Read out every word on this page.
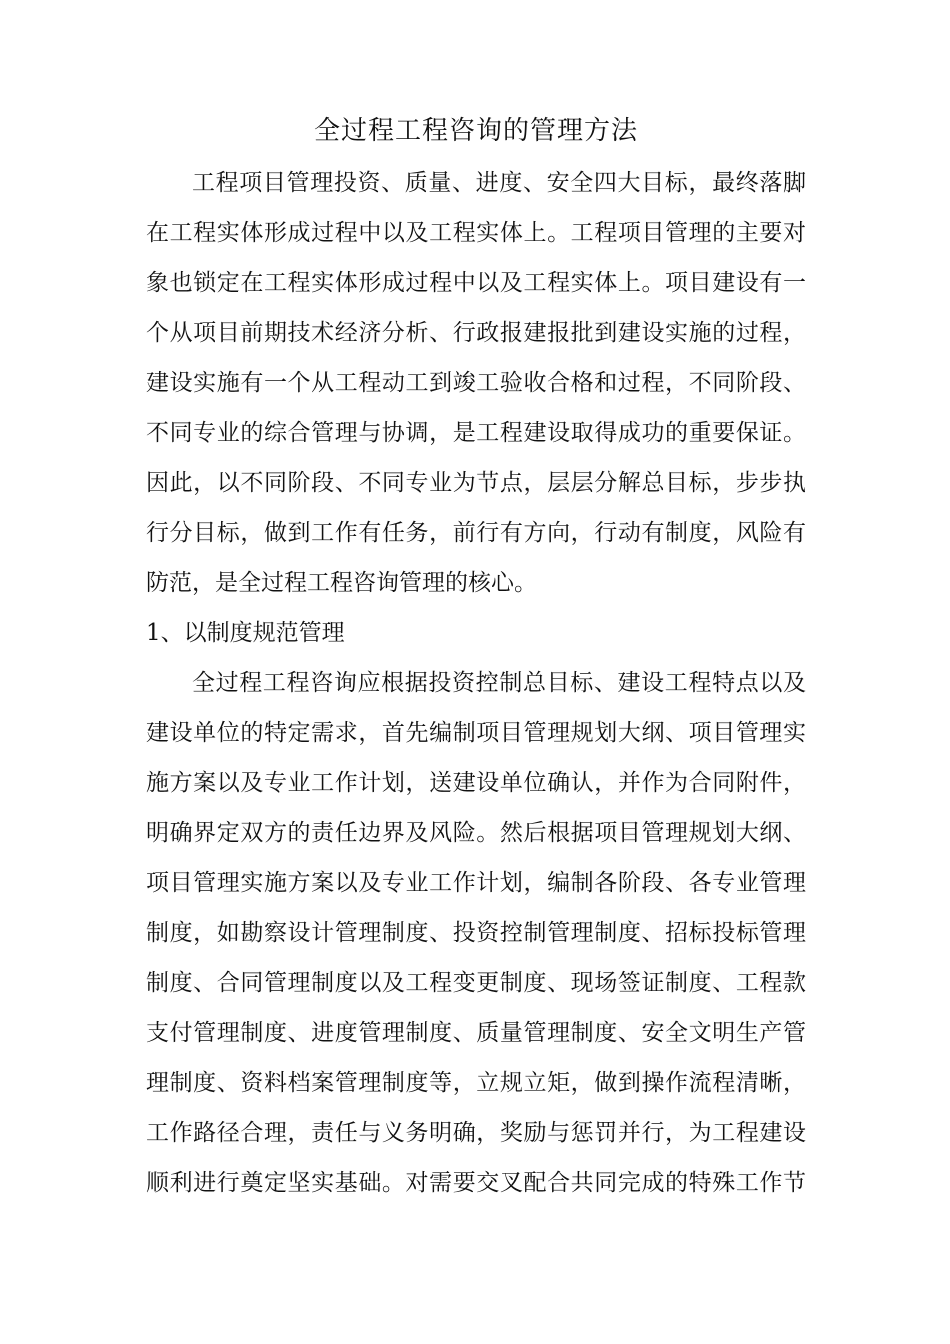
全过程工程咨询的管理方法
工程项目管理投资、质量、进度、安全四大目标，最终落脚
在工程实体形成过程中以及工程实体上。工程项目管理的主要对
象也锁定在工程实体形成过程中以及工程实体上。项目建设有一
个从项目前期技术经济分析、行政报建报批到建设实施的过程，
建设实施有一个从工程动工到竣工验收合格和过程，不同阶段、
不同专业的综合管理与协调，是工程建设取得成功的重要保证。
因此，以不同阶段、不同专业为节点，层层分解总目标，步步执
行分目标，做到工作有任务，前行有方向，行动有制度，风险有
防范，是全过程工程咨询管理的核心。
1、以制度规范管理
全过程工程咨询应根据投资控制总目标、建设工程特点以及
建设单位的特定需求，首先编制项目管理规划大纲、项目管理实
施方案以及专业工作计划，送建设单位确认，并作为合同附件，
明确界定双方的责任边界及风险。然后根据项目管理规划大纲、
项目管理实施方案以及专业工作计划，编制各阶段、各专业管理
制度，如勘察设计管理制度、投资控制管理制度、招标投标管理
制度、合同管理制度以及工程变更制度、现场签证制度、工程款
支付管理制度、进度管理制度、质量管理制度、安全文明生产管
理制度、资料档案管理制度等，立规立矩，做到操作流程清晰，
工作路径合理，责任与义务明确，奖励与惩罚并行，为工程建设
顺利进行奠定坚实基础。对需要交叉配合共同完成的特殊工作节
